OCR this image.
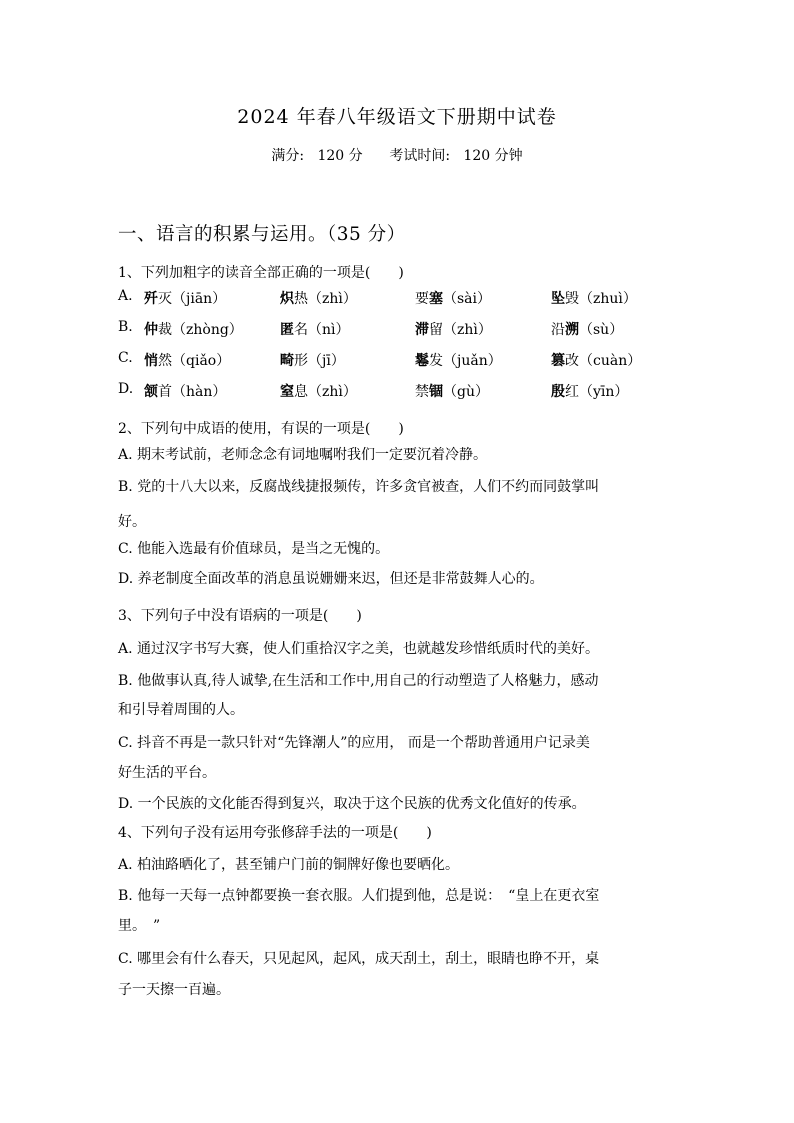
2024 年春八年级语文下册期中试卷
满分: 120 分 考试时间: 120 分钟
一、语言的积累与运用。（35 分）
1、下列加粗字的读音全部正确的一项是(　　)
A. 歼灭（jiān）	炽热（zhì）	要塞（sài）	坠毁（zhuì）
B. 仲裁（zhòng）	匿名（nì）	滞留（zhì）	沿溯（sù）
C. 悄然（qiǎo）	畸形（jī）	鬈发（juǎn）	篡改（cuàn）
D. 颔首（hàn）	窒息（zhì）	禁锢（gù）	殷红（yīn）
2、下列句中成语的使用，有误的一项是(　　)
A. 期末考试前，老师念念有词地嘱咐我们一定要沉着冷静。
B. 党的十八大以来，反腐战线捷报频传，许多贪官被查，人们不约而同鼓掌叫
好。
C. 他能入选最有价值球员，是当之无愧的。
D. 养老制度全面改革的消息虽说姗姗来迟，但还是非常鼓舞人心的。
3、下列句子中没有语病的一项是(　　)
A. 通过汉字书写大赛，使人们重拾汉字之美，也就越发珍惜纸质时代的美好。
B. 他做事认真,待人诚挚,在生活和工作中,用自己的行动塑造了人格魅力，感动
和引导着周围的人。
C. 抖音不再是一款只针对“先锋潮人”的应用， 而是一个帮助普通用户记录美
好生活的平台。
D. 一个民族的文化能否得到复兴，取决于这个民族的优秀文化值好的传承。
4、下列句子没有运用夸张修辞手法的一项是(　　)
A. 柏油路晒化了，甚至铺户门前的铜牌好像也要晒化。
B. 他每一天每一点钟都要换一套衣服。人们提到他，总是说：　“皇上在更衣室
里。　”
C. 哪里会有什么春天，只见起风，起风，成天刮土，刮土，眼睛也睁不开，桌
子一天擦一百遍。
